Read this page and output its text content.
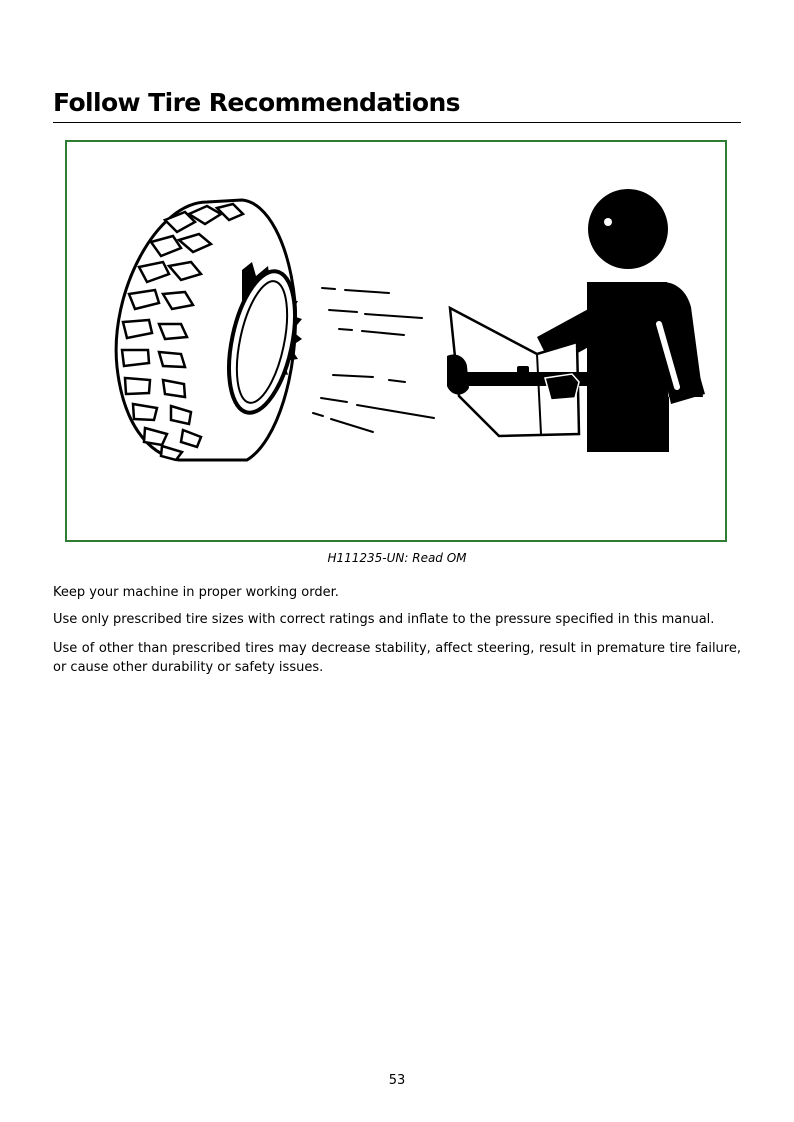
Follow Tire Recommendations
H111235-UN: Read OM

Keep your machine in proper working order.

Use only prescribed tire sizes with correct ratings and inflate to the pressure specified in this manual.

Use of other than prescribed tires may decrease stability, affect steering, result in premature tire failure, or cause other durability or safety issues.

53
